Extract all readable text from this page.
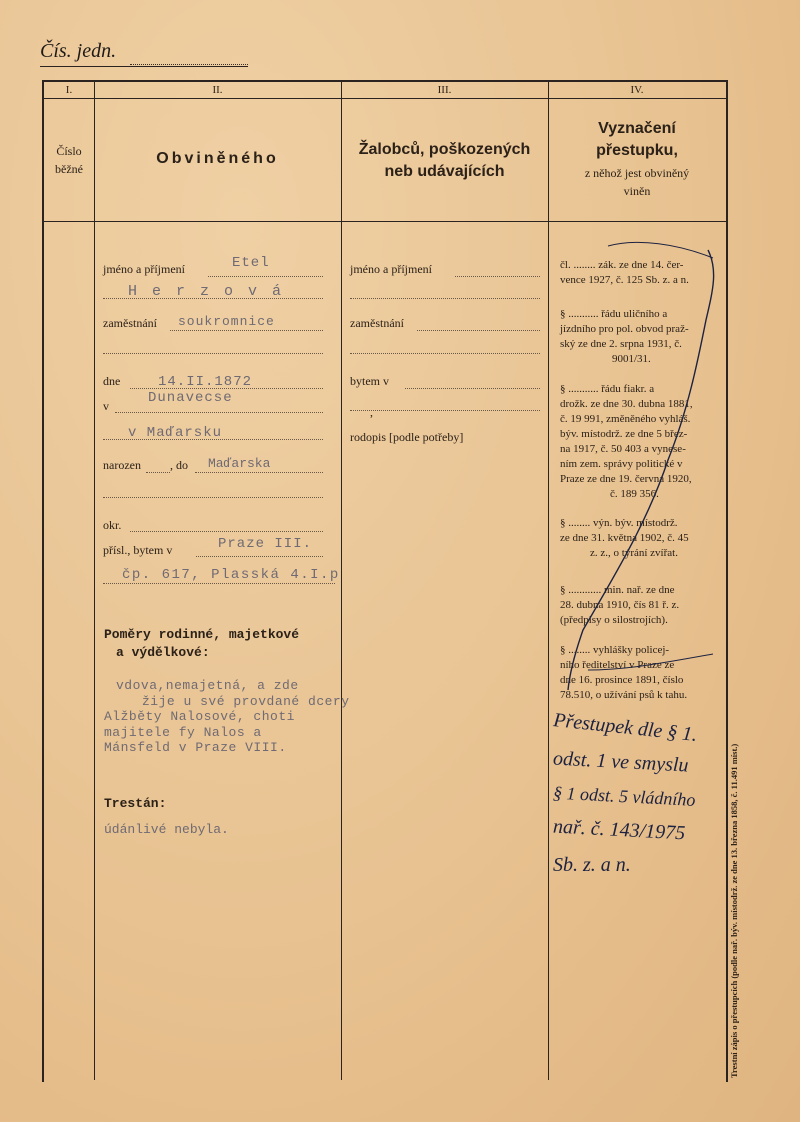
Čís. jedn.
I.	II.	III.	IV.
Číslo
běžné
Obviněného
Žalobců, poškozených
neb udávajících
Vyznačení
přestupku,
z něhož jest obviněný
viněn
jméno a příjmení	Etel
H e r z o v á
zaměstnání soukromnice
dne	14.II.1872
v	Dunavecse
v Maďarsku
narozen , do Maďarska
okr.
přísl., bytem v	Praze III.
čp. 617, Plasská 4.I.p
Poměry rodinné, majetkové
a výdělkové:
vdova,nemajetná, a zde
žije u své provdané dcery
Alžběty Nalosové, choti
majitele fy Nalos a
Mánsfeld v Praze VIII.
Trestán:
údánlivé nebyla.
jméno a příjmení
zaměstnání
bytem v
,
rodopis [podle potřeby]
čl. ........ zák. ze dne 14. čer-
vence 1927, č. 125 Sb. z. a n.
§ ........... řádu uličního a
jízdního pro pol. obvod praž-
ský ze dne 2. srpna 1931, č.
9001/31.
§ ........... řádu fiakr. a
drožk. ze dne 30. dubna 1881,
č. 19 991, změněného vyhláš.
býv. místodrž. ze dne 5 břez-
na 1917, č. 50 403 a vynese-
ním zem. správy politické v
Praze ze dne 19. června 1920,
č. 189 356.
§ ........ výn. býv. místodrž.
ze dne 31. května 1902, č. 45
z. z., o týrání zvířat.
§ ............ min. nař. ze dne
28. dubna 1910, čís 81 ř. z.
(předpisy o silostrojích).
§ ........ vyhlášky policej-
ního ředitelství v Praze ze
dne 16. prosince 1891, číslo
78.510, o užívání psů k tahu.
Přestupek dle § 1.
odst. 1 ve smyslu
§ 1 odst. 5 vládního
nař. č. 143/1975
Sb. z. a n.	Trestní zápis o přestupcích (podle nař. býv. místodrž. ze dne 13. března 1858, č. 11.491 míst.)
